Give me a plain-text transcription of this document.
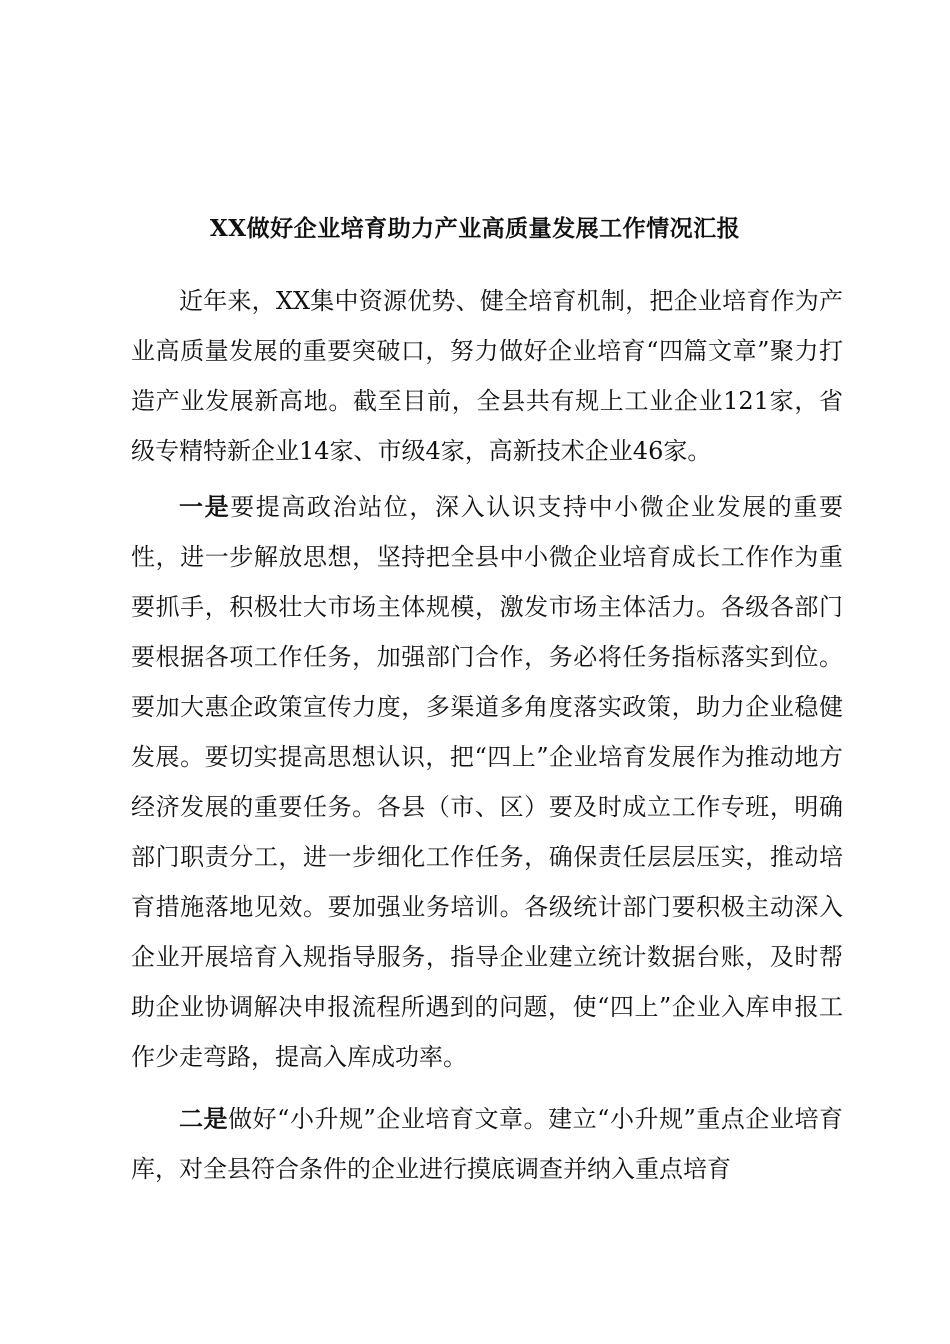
XX做好企业培育助力产业高质量发展工作情况汇报

近年来，XX集中资源优势、健全培育机制，把企业培育作为产业高质量发展的重要突破口，努力做好企业培育“四篇文章”聚力打造产业发展新高地。截至目前，全县共有规上工业企业121家，省级专精特新企业14家、市级4家，高新技术企业46家。

一是要提高政治站位，深入认识支持中小微企业发展的重要性，进一步解放思想，坚持把全县中小微企业培育成长工作作为重要抓手，积极壮大市场主体规模，激发市场主体活力。各级各部门要根据各项工作任务，加强部门合作，务必将任务指标落实到位。要加大惠企政策宣传力度，多渠道多角度落实政策，助力企业稳健发展。要切实提高思想认识，把“四上”企业培育发展作为推动地方经济发展的重要任务。各县（市、区）要及时成立工作专班，明确部门职责分工，进一步细化工作任务，确保责任层层压实，推动培育措施落地见效。要加强业务培训。各级统计部门要积极主动深入企业开展培育入规指导服务，指导企业建立统计数据台账，及时帮助企业协调解决申报流程所遇到的问题，使“四上”企业入库申报工作少走弯路，提高入库成功率。

二是做好“小升规”企业培育文章。建立“小升规”重点企业培育库，对全县符合条件的企业进行摸底调查并纳入重点培育
